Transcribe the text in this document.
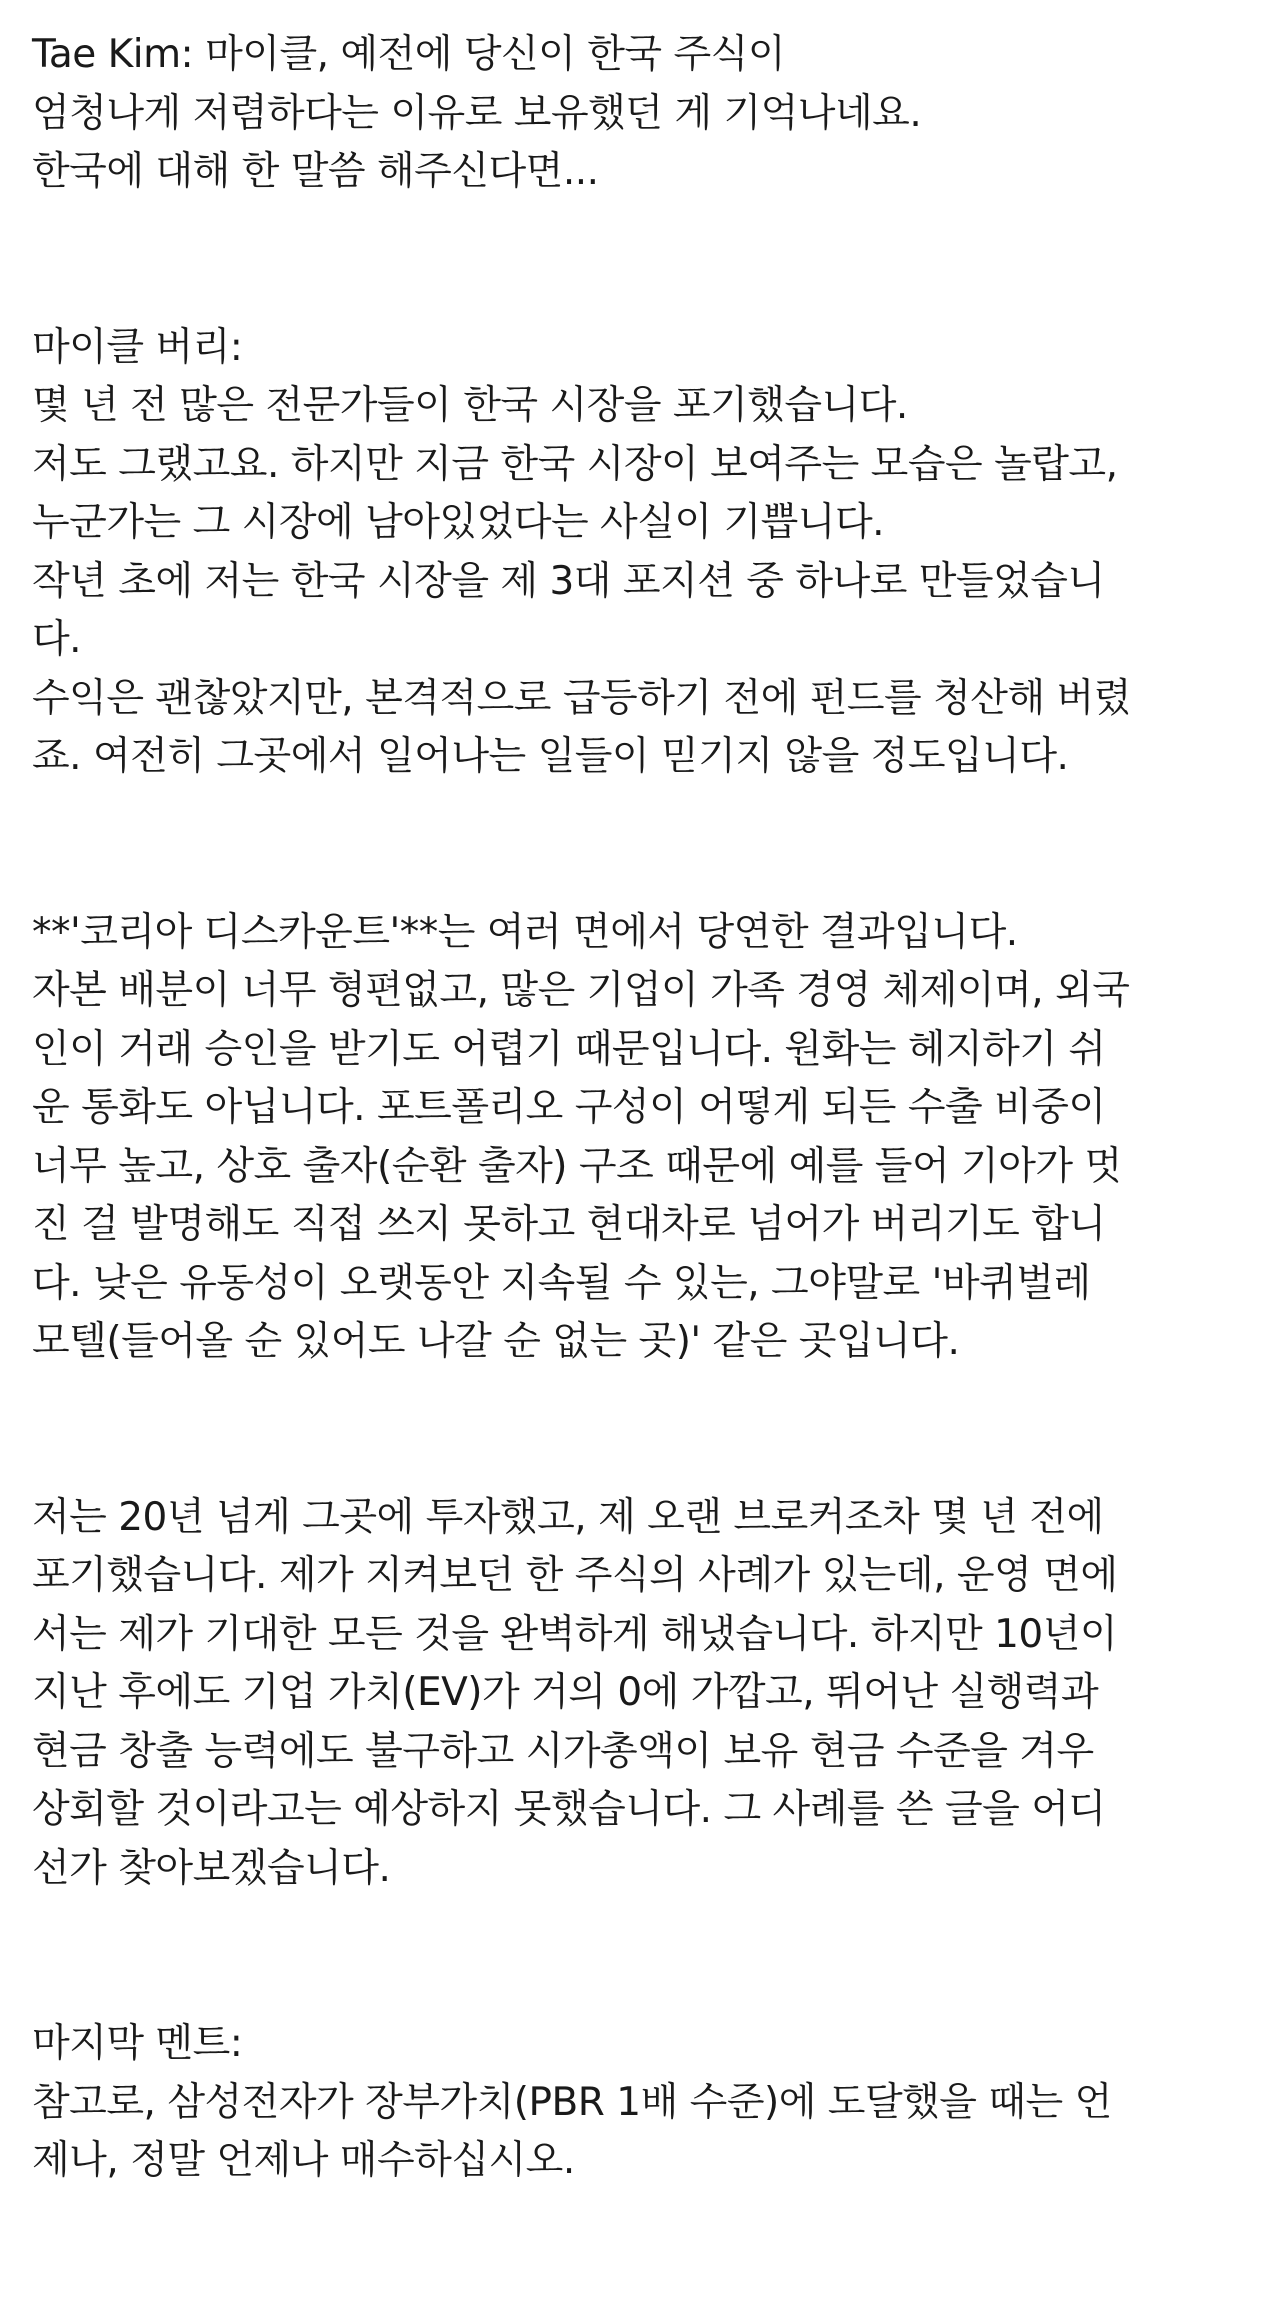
Tae Kim: 마이클, 예전에 당신이 한국 주식이
엄청나게 저렴하다는 이유로 보유했던 게 기억나네요.
한국에 대해 한 말씀 해주신다면...

마이클 버리:
몇 년 전 많은 전문가들이 한국 시장을 포기했습니다.
저도 그랬고요. 하지만 지금 한국 시장이 보여주는 모습은 놀랍고,
누군가는 그 시장에 남아있었다는 사실이 기쁩니다.
작년 초에 저는 한국 시장을 제 3대 포지션 중 하나로 만들었습니
다.
수익은 괜찮았지만, 본격적으로 급등하기 전에 펀드를 청산해 버렸
죠. 여전히 그곳에서 일어나는 일들이 믿기지 않을 정도입니다.

**'코리아 디스카운트'**는 여러 면에서 당연한 결과입니다.
자본 배분이 너무 형편없고, 많은 기업이 가족 경영 체제이며, 외국
인이 거래 승인을 받기도 어렵기 때문입니다. 원화는 헤지하기 쉬
운 통화도 아닙니다. 포트폴리오 구성이 어떻게 되든 수출 비중이
너무 높고, 상호 출자(순환 출자) 구조 때문에 예를 들어 기아가 멋
진 걸 발명해도 직접 쓰지 못하고 현대차로 넘어가 버리기도 합니
다. 낮은 유동성이 오랫동안 지속될 수 있는, 그야말로 '바퀴벌레
모텔(들어올 순 있어도 나갈 순 없는 곳)' 같은 곳입니다.

저는 20년 넘게 그곳에 투자했고, 제 오랜 브로커조차 몇 년 전에
포기했습니다. 제가 지켜보던 한 주식의 사례가 있는데, 운영 면에
서는 제가 기대한 모든 것을 완벽하게 해냈습니다. 하지만 10년이
지난 후에도 기업 가치(EV)가 거의 0에 가깝고, 뛰어난 실행력과
현금 창출 능력에도 불구하고 시가총액이 보유 현금 수준을 겨우
상회할 것이라고는 예상하지 못했습니다. 그 사례를 쓴 글을 어디
선가 찾아보겠습니다.

마지막 멘트:
참고로, 삼성전자가 장부가치(PBR 1배 수준)에 도달했을 때는 언
제나, 정말 언제나 매수하십시오.
